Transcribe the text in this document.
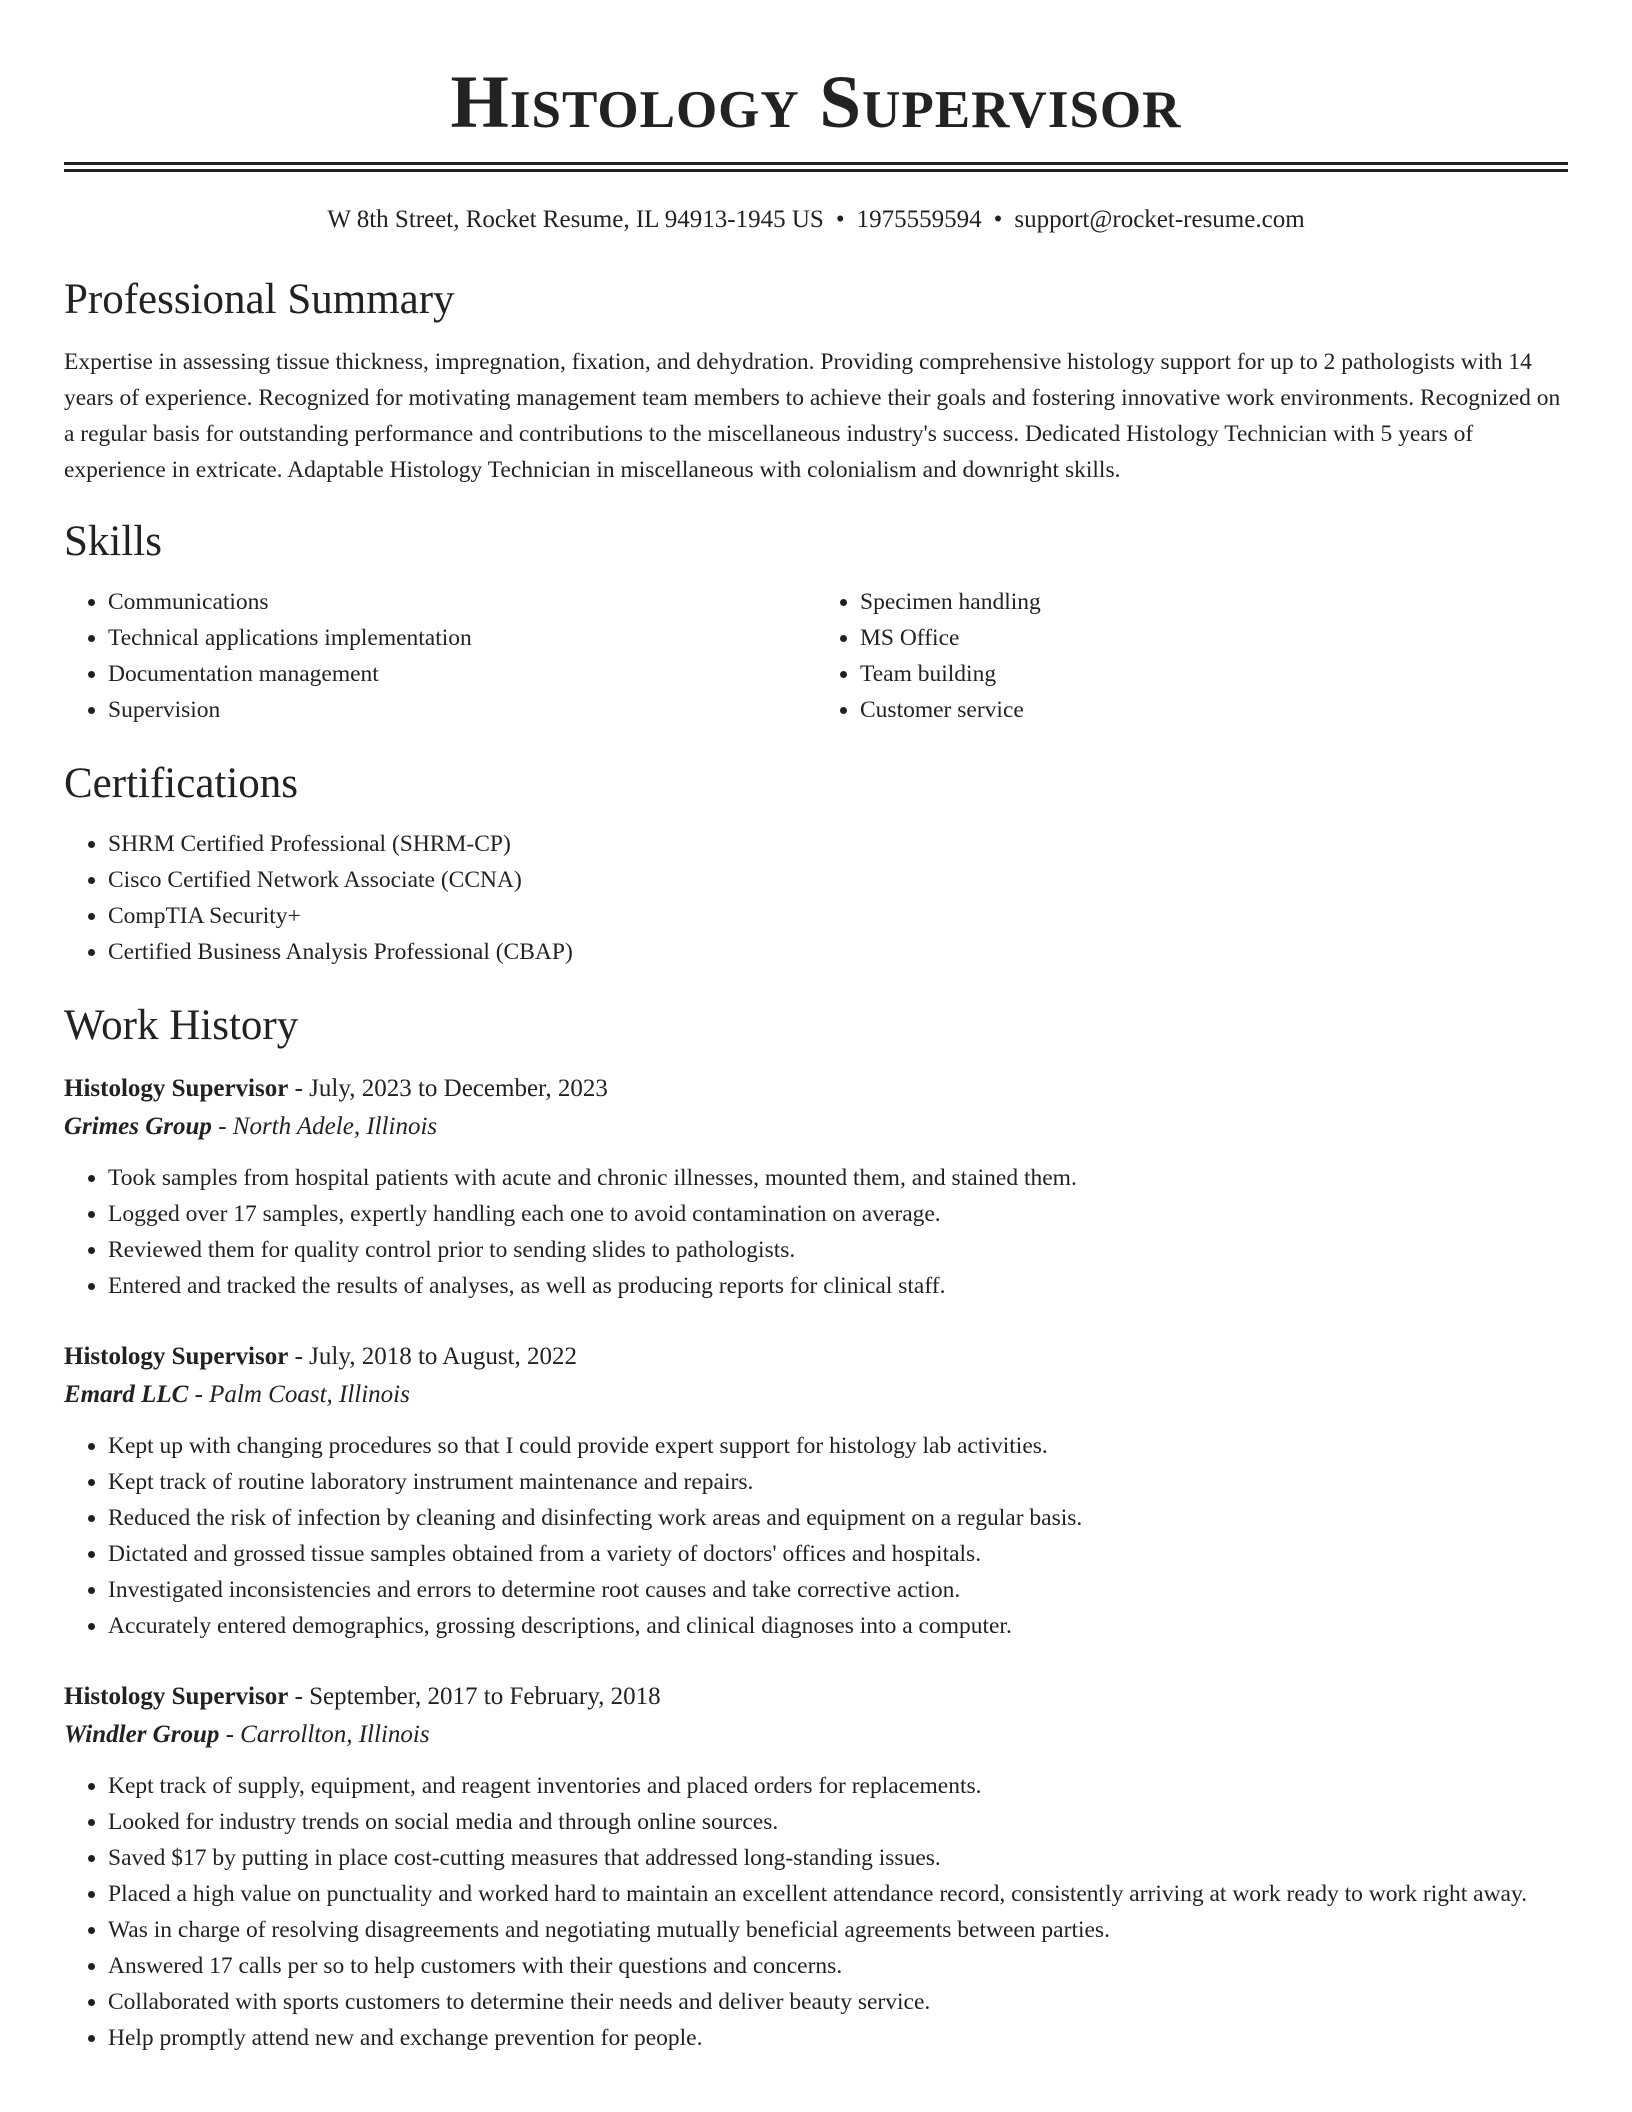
Histology Supervisor
W 8th Street, Rocket Resume, IL 94913-1945 US • 1975559594 • support@rocket-resume.com
Professional Summary

Expertise in assessing tissue thickness, impregnation, fixation, and dehydration. Providing comprehensive histology support for up to 2 pathologists with 14 years of experience. Recognized for motivating management team members to achieve their goals and fostering innovative work environments. Recognized on a regular basis for outstanding performance and contributions to the miscellaneous industry's success. Dedicated Histology Technician with 5 years of experience in extricate. Adaptable Histology Technician in miscellaneous with colonialism and downright skills.

Skills
• Communications
• Technical applications implementation
• Documentation management
• Supervision
• Specimen handling
• MS Office
• Team building
• Customer service
Certifications
• SHRM Certified Professional (SHRM-CP)
• Cisco Certified Network Associate (CCNA)
• CompTIA Security+
• Certified Business Analysis Professional (CBAP)
Work History
Histology Supervisor - July, 2023 to December, 2023
Grimes Group - North Adele, Illinois
• Took samples from hospital patients with acute and chronic illnesses, mounted them, and stained them.
• Logged over 17 samples, expertly handling each one to avoid contamination on average.
• Reviewed them for quality control prior to sending slides to pathologists.
• Entered and tracked the results of analyses, as well as producing reports for clinical staff.
Histology Supervisor - July, 2018 to August, 2022
Emard LLC - Palm Coast, Illinois
• Kept up with changing procedures so that I could provide expert support for histology lab activities.
• Kept track of routine laboratory instrument maintenance and repairs.
• Reduced the risk of infection by cleaning and disinfecting work areas and equipment on a regular basis.
• Dictated and grossed tissue samples obtained from a variety of doctors' offices and hospitals.
• Investigated inconsistencies and errors to determine root causes and take corrective action.
• Accurately entered demographics, grossing descriptions, and clinical diagnoses into a computer.
Histology Supervisor - September, 2017 to February, 2018
Windler Group - Carrollton, Illinois
• Kept track of supply, equipment, and reagent inventories and placed orders for replacements.
• Looked for industry trends on social media and through online sources.
• Saved $17 by putting in place cost-cutting measures that addressed long-standing issues.
• Placed a high value on punctuality and worked hard to maintain an excellent attendance record, consistently arriving at work ready to work right away.
• Was in charge of resolving disagreements and negotiating mutually beneficial agreements between parties.
• Answered 17 calls per so to help customers with their questions and concerns.
• Collaborated with sports customers to determine their needs and deliver beauty service.
• Help promptly attend new and exchange prevention for people.
